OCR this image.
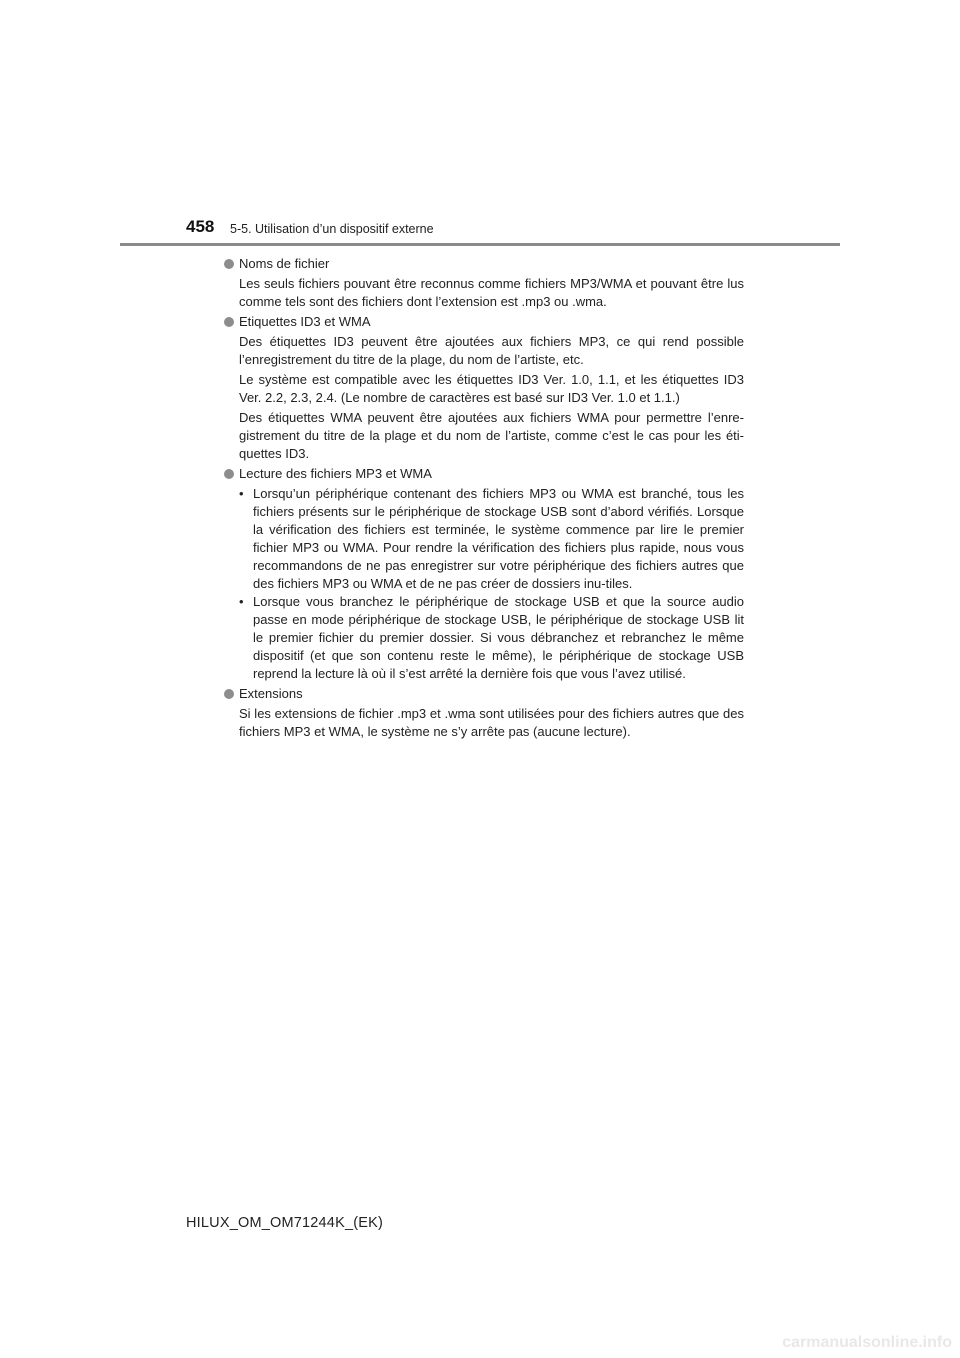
458 5-5. Utilisation d’un dispositif externe
Noms de fichier

Les seuls fichiers pouvant être reconnus comme fichiers MP3/WMA et pouvant être lus comme tels sont des fichiers dont l’extension est .mp3 ou .wma.

Etiquettes ID3 et WMA

Des étiquettes ID3 peuvent être ajoutées aux fichiers MP3, ce qui rend possible l’enregistrement du titre de la plage, du nom de l’artiste, etc.

Le système est compatible avec les étiquettes ID3 Ver. 1.0, 1.1, et les étiquettes ID3 Ver. 2.2, 2.3, 2.4. (Le nombre de caractères est basé sur ID3 Ver. 1.0 et 1.1.)

Des étiquettes WMA peuvent être ajoutées aux fichiers WMA pour permettre l’enre-gistrement du titre de la plage et du nom de l’artiste, comme c’est le cas pour les éti-quettes ID3.

Lecture des fichiers MP3 et WMA
• Lorsqu’un périphérique contenant des fichiers MP3 ou WMA est branché, tous les fichiers présents sur le périphérique de stockage USB sont d’abord vérifiés. Lorsque la vérification des fichiers est terminée, le système commence par lire le premier fichier MP3 ou WMA. Pour rendre la vérification des fichiers plus rapide, nous vous recommandons de ne pas enregistrer sur votre périphérique des fichiers autres que des fichiers MP3 ou WMA et de ne pas créer de dossiers inu-tiles.
• Lorsque vous branchez le périphérique de stockage USB et que la source audio passe en mode périphérique de stockage USB, le périphérique de stockage USB lit le premier fichier du premier dossier. Si vous débranchez et rebranchez le même dispositif (et que son contenu reste le même), le périphérique de stockage USB reprend la lecture là où il s’est arrêté la dernière fois que vous l’avez utilisé.
Extensions

Si les extensions de fichier .mp3 et .wma sont utilisées pour des fichiers autres que des fichiers MP3 et WMA, le système ne s’y arrête pas (aucune lecture).

HILUX_OM_OM71244K_(EK)
carmanualsonline.info
